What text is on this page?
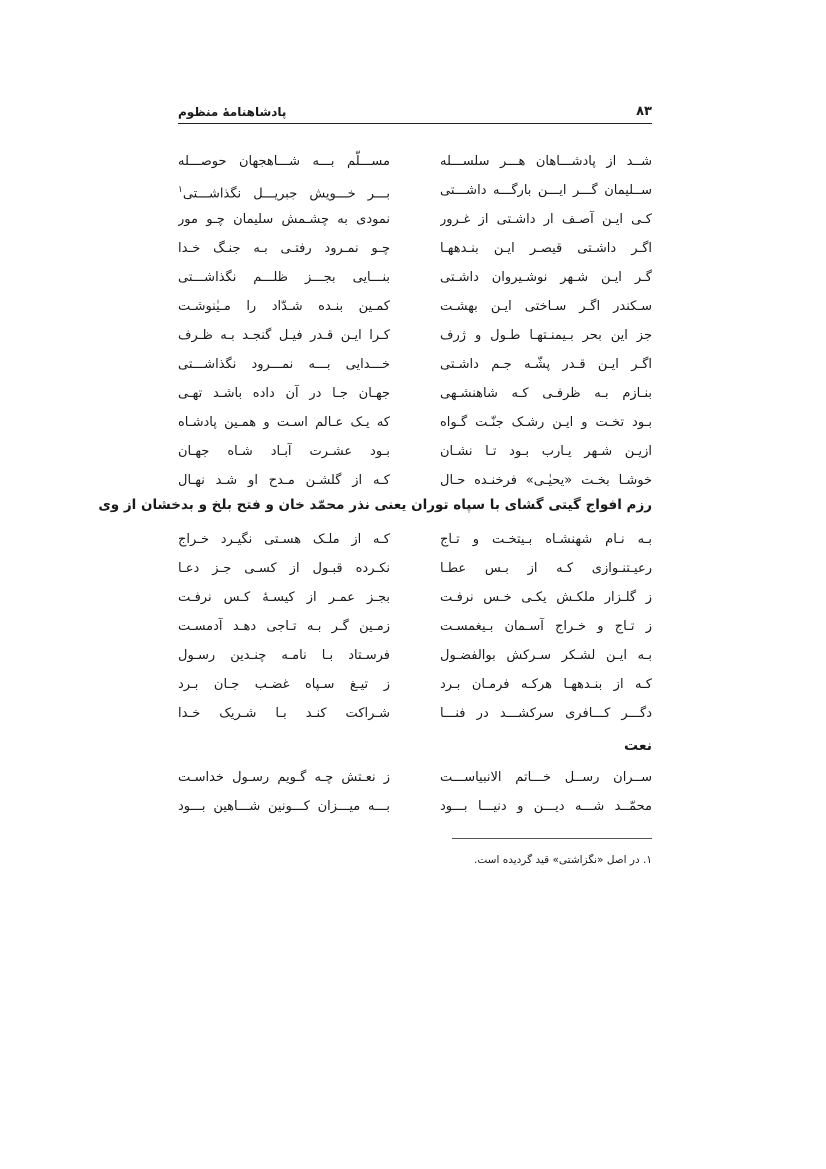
۸۳
پادشاهنامهٔ منظوم
شــد از پادشـــاهان هـــر سلســـله
مســـلّم بـــه شـــاهجهان حوصـــله
ســلیمان گـــر ایـــن بارگـــه داشـــتی
بـــر خـــویش جبریـــل نگذاشـــتی$^۱$
کـی ایـن آصـف ار داشـتی از غـرور
نمودی به چشـمش سلیمان چـو مور
اگـر داشـتی قیصـر ایـن بنـدههـا
چـو نمـرود رفتـی بـه جنـگ خـدا
گـر ایـن شـهر نوشـیروان داشـتی
بنـــایی بجـــز ظلـــم نگذاشـــتی
سـکندر اگـر سـاختی ایـن بهشـت
کمـین بنـده شـدّاد را مـیٰنوشـت
جز این بحر بـیمنـتهـا طـول و ژرف
کـرا ایـن قـدر فیـل گنجـد بـه ظـرف
اگـر ایـن قـدر پشّـه جـم داشـتی
خـــدایی بـــه نمـــرود نگذاشـــتی
بنـازم بـه ظرفـی کـه شاهنشـهی
جهـان جـا در آن داده باشـد تهـی
بـود تخـت و ایـن رشـک جنّـت گـواه
که یـک عـالم اسـت و همـین پادشـاه
ازیـن شـهر یـارب بـود تـا نشـان
بـود عشـرت آبـاد شـاه جهـان
خوشـا بخـت «یحیٰـی» فرخنـده حـال
کـه از گلشـن مـدح او شـد نهـال
رزم افواج گیتی گشای با سپاه توران یعنی نذر محمّد خان و فتح بلخ و بدخشان از وی
بـه نـام شهنشـاه بـیتخـت و تـاج
کـه از ملـک هسـتی نگیـرد خـراج
رعیـتنـوازی کـه از بـس عطـا
نکـرده قبـول از کسـی جـز دعـا
ز گلـزار ملکـش یکـی خـس نرفـت
بجـز عمـر از کیسـهٔ کـس نرفـت
ز تـاج و خـراج آسـمان بـیغمسـت
زمـین گـر بـه تـاجی دهـد آدمسـت
بـه ایـن لشـکر سـرکش بوالفضـول
فرسـتاد بـا نامـه چنـدین رسـول
کـه از بنـدههـا هرکـه فرمـان بـرد
ز تیـغ سـپاه غضـب جـان بـرد
دگـــر کـــافری سرکشـــد در فنـــا
شـراکت کنـد بـا شـریک خـدا
نعت
ســران رســل خـــاتم الانبیاســـت
ز نعـتش چـه گـویم رسـول خداسـت
محمّــد شـــه دیـــن و دنیـــا بـــود
بـــه میـــزان کـــونین شـــاهین بـــود
۱. در اصل «نگزاشتی» قید گردیده است.
